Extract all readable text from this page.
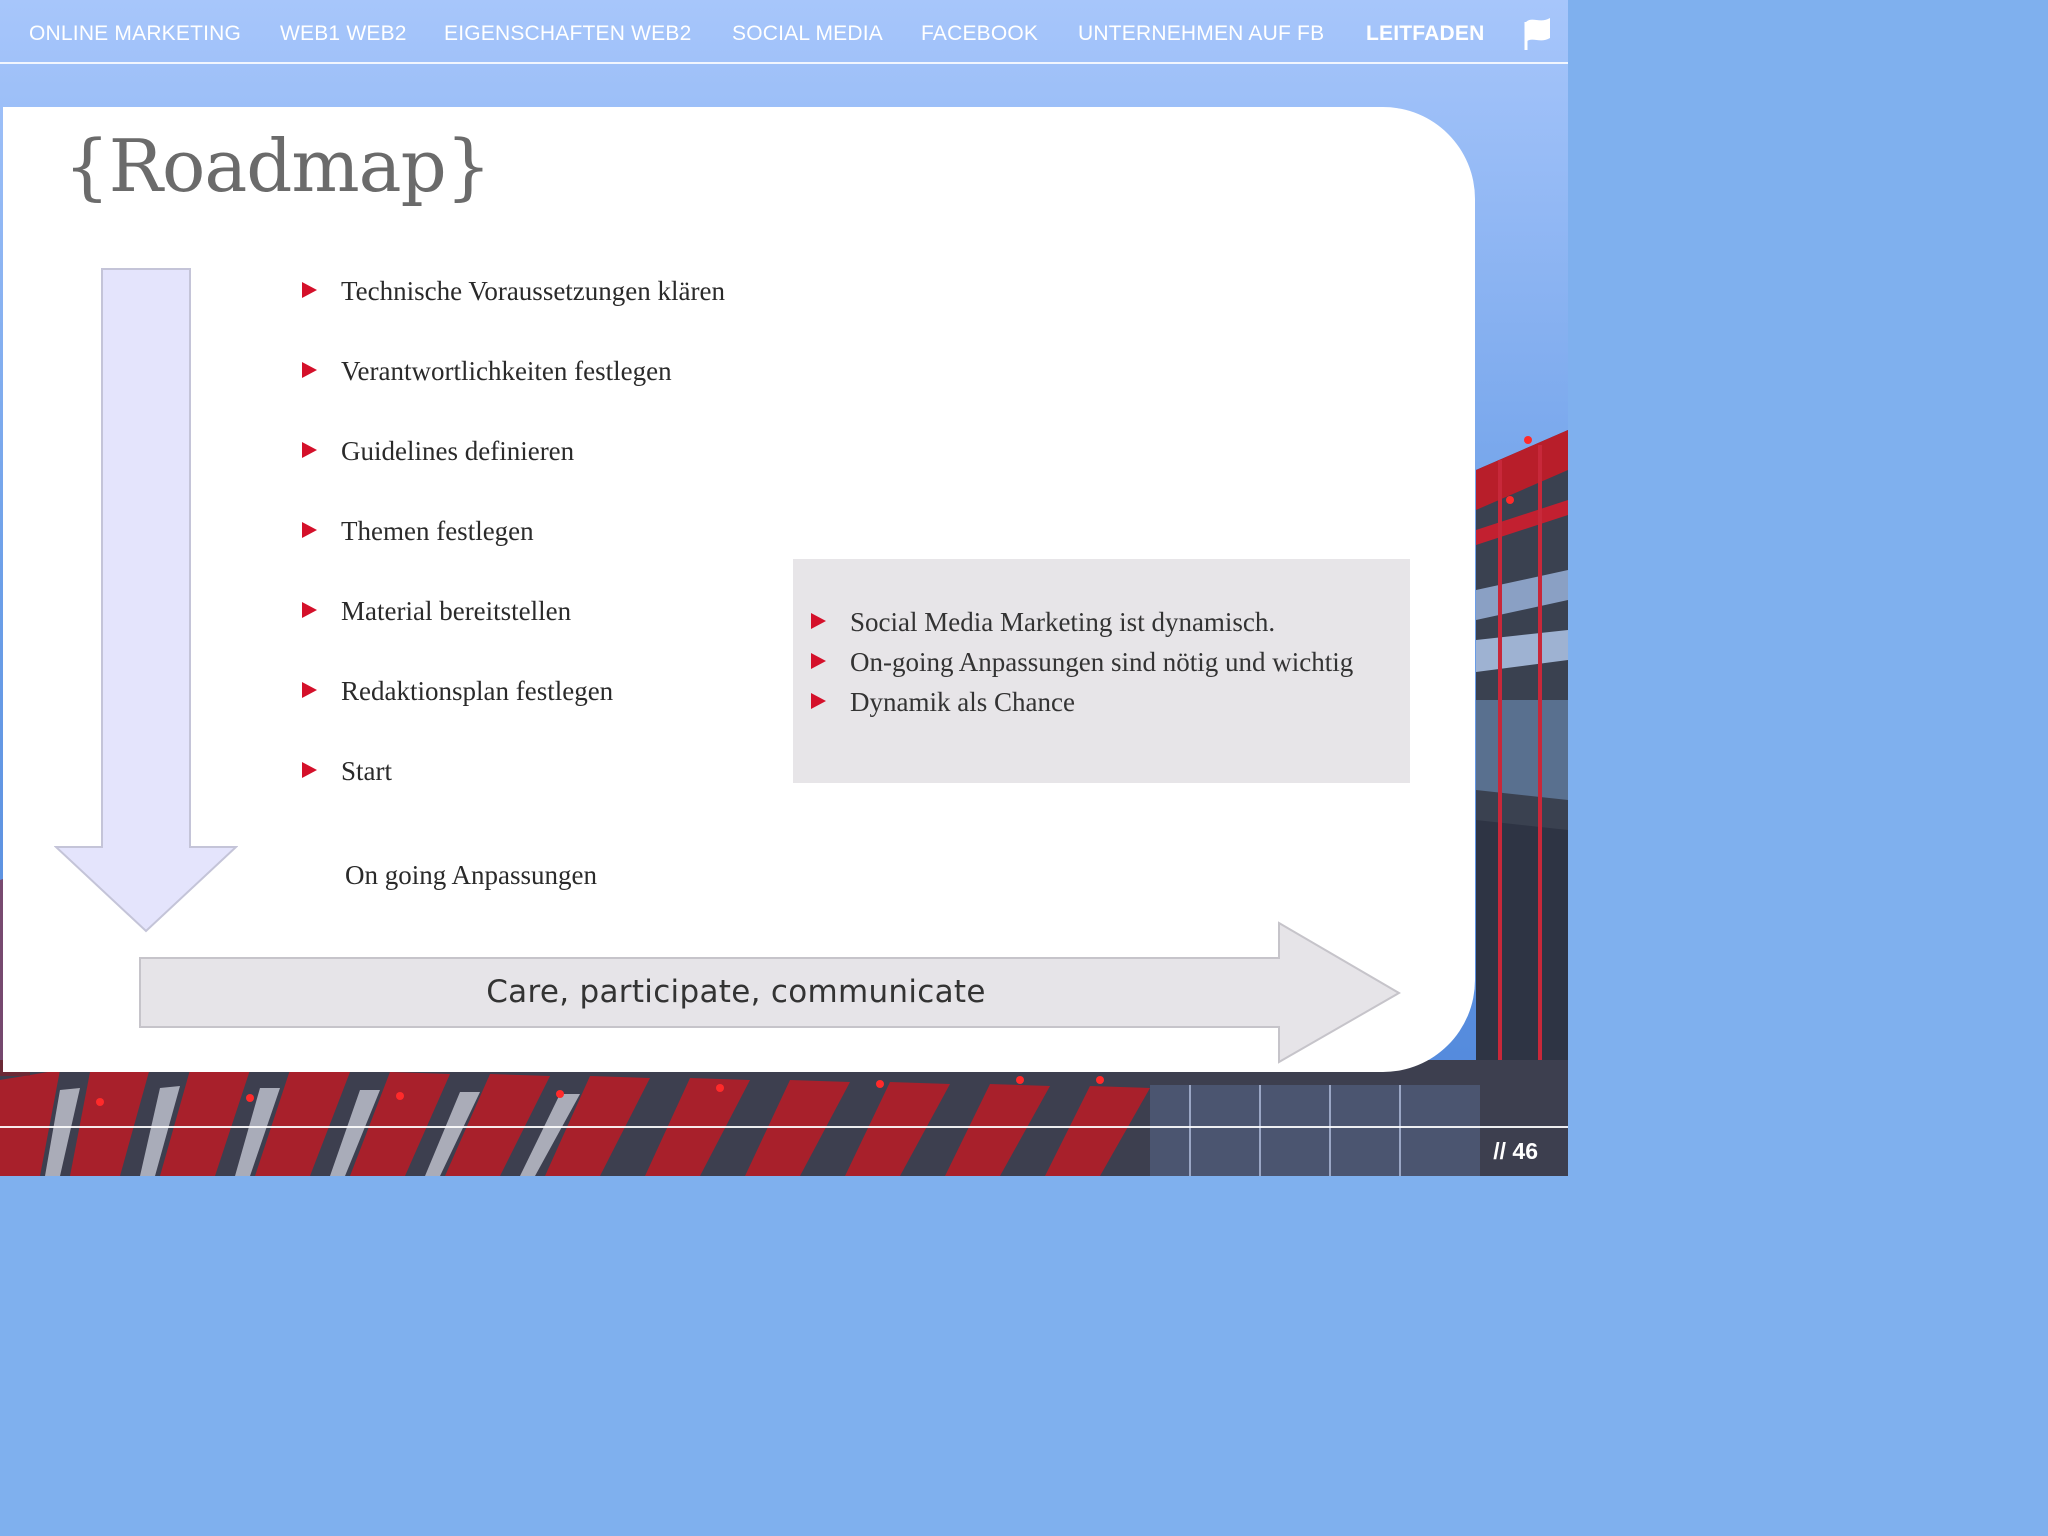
ONLINE MARKETING WEB1 WEB2 EIGENSCHAFTEN WEB2 SOCIAL MEDIA FACEBOOK UNTERNEHMEN AUF FB LEITFADEN
{Roadmap}
Technische Voraussetzungen klären
Verantwortlichkeiten festlegen
Guidelines definieren
Themen festlegen
Material bereitstellen
Redaktionsplan festlegen
Start
On going Anpassungen
Social Media Marketing ist dynamisch.
On-going Anpassungen sind nötig und wichtig
Dynamik als Chance
Care, participate, communicate
// 46
